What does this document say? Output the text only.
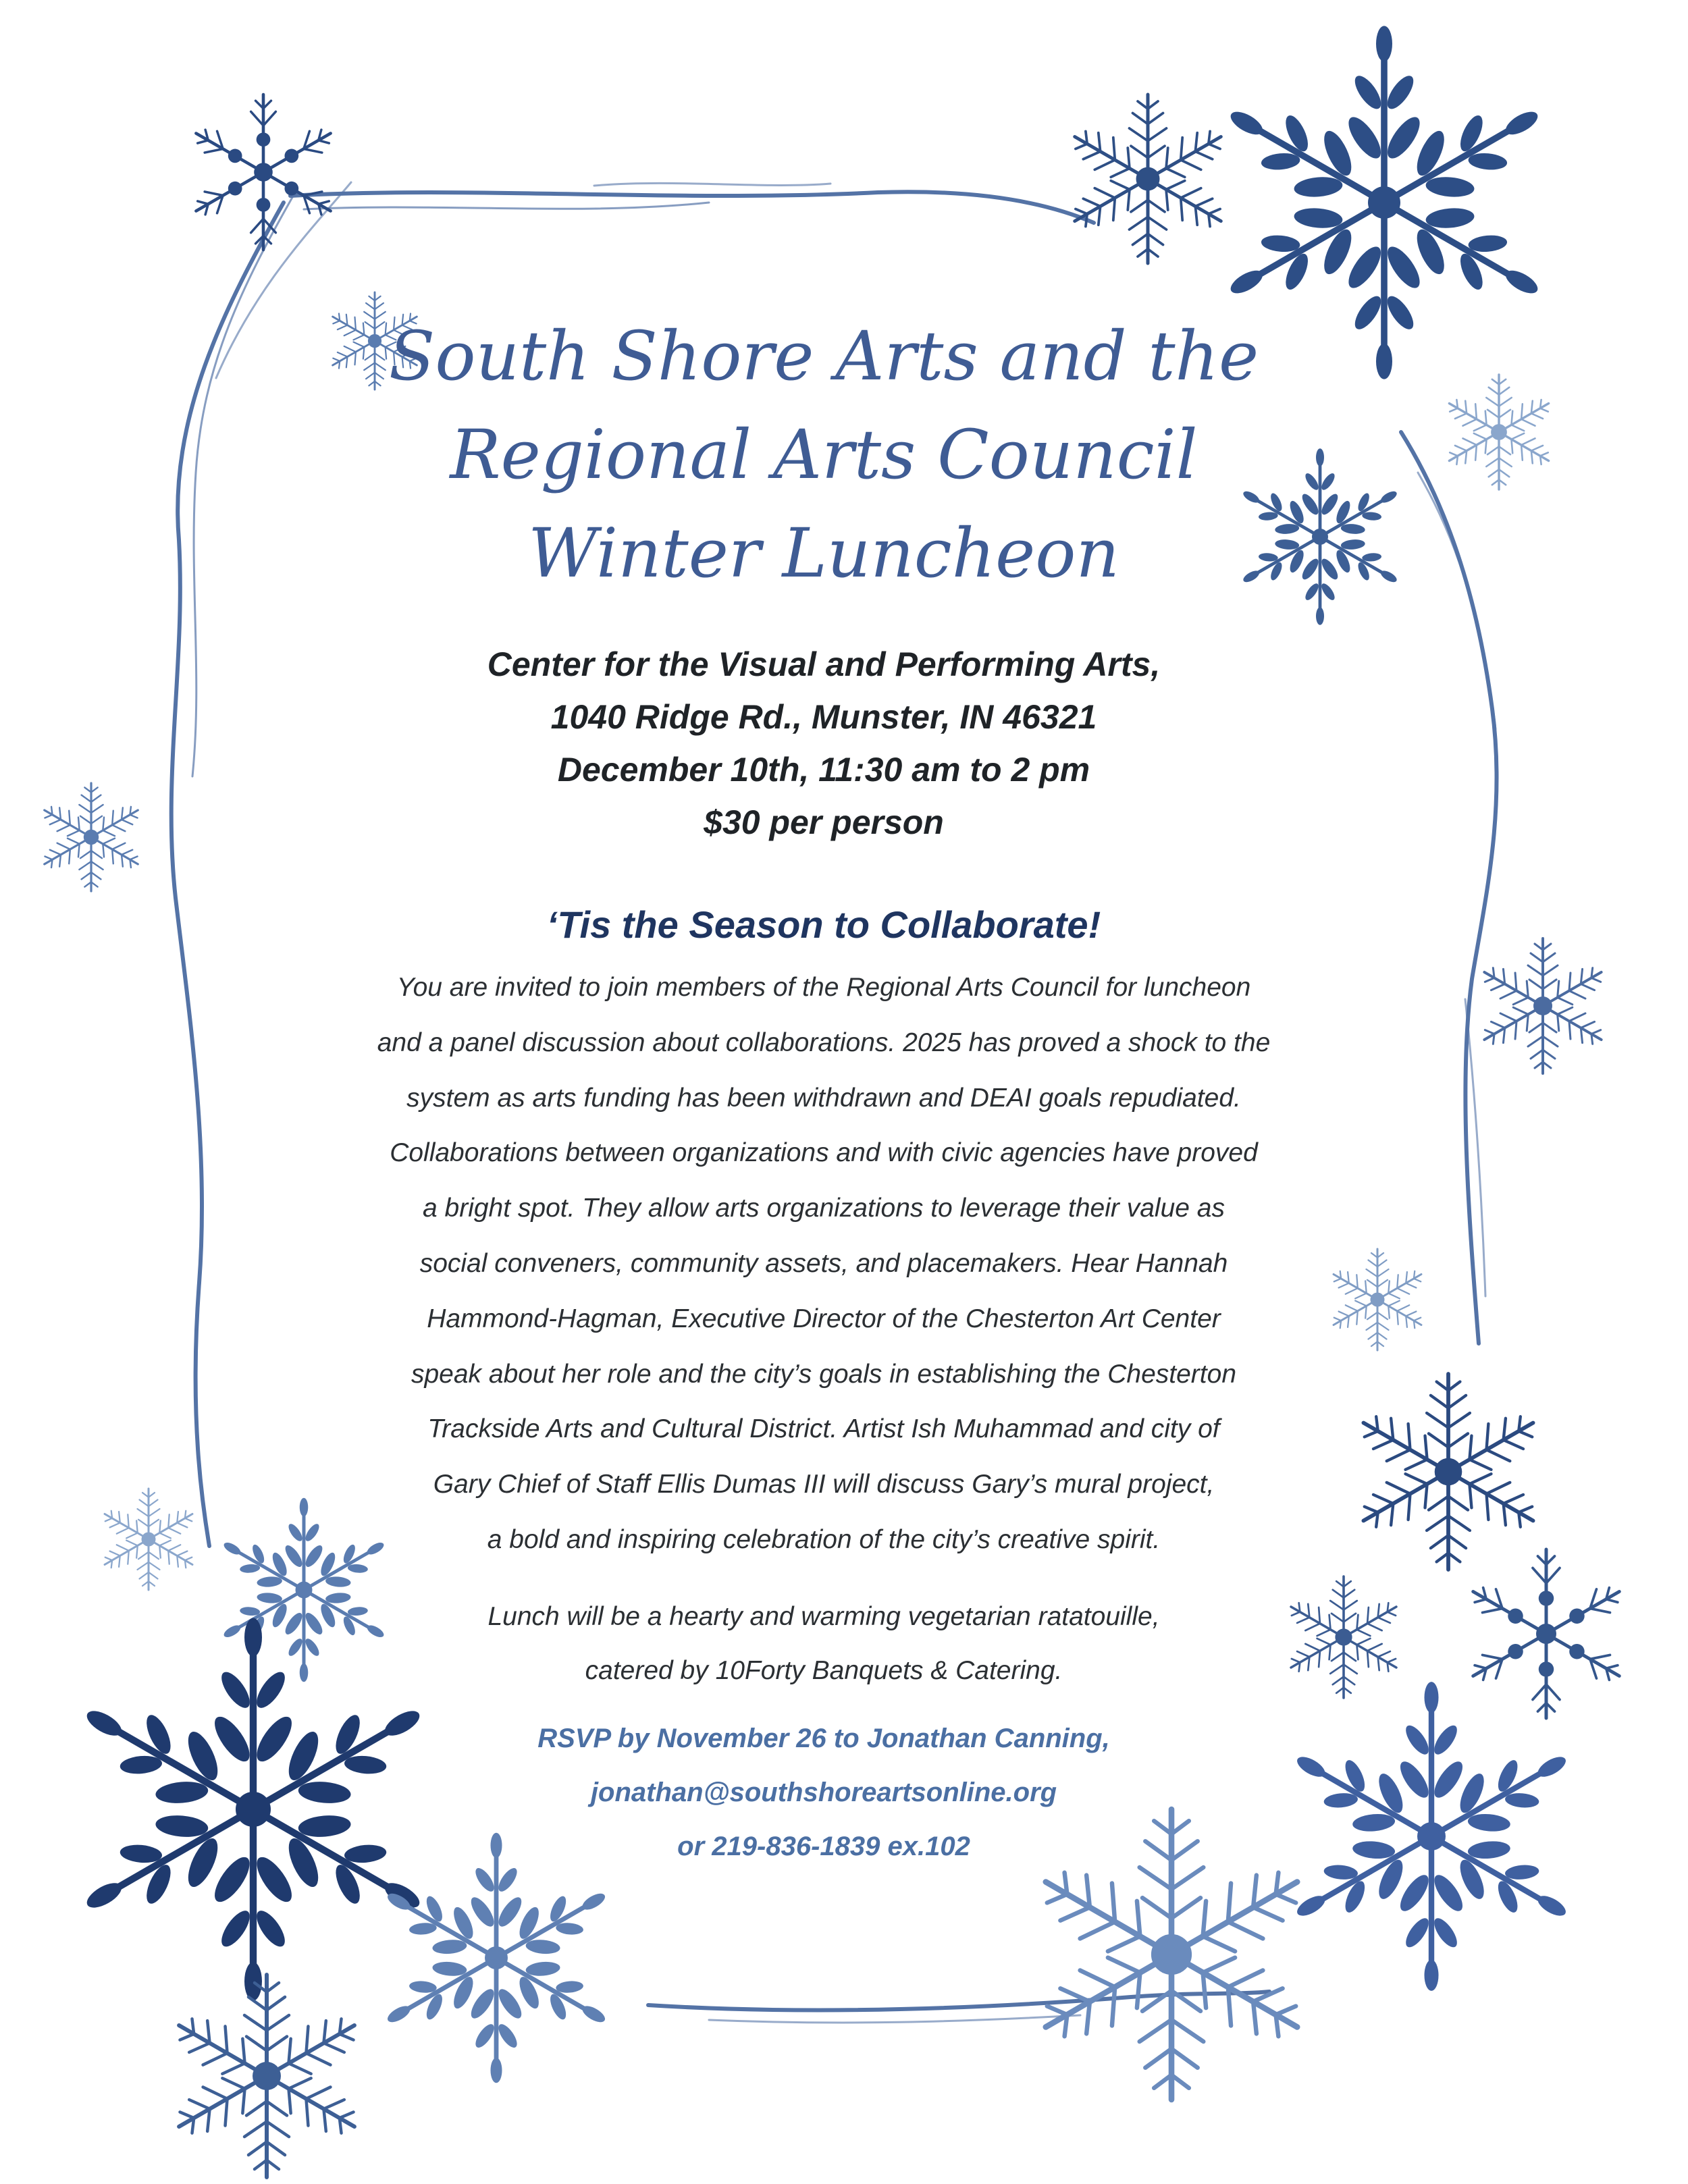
South Shore Arts and the
Regional Arts Council
Winter Luncheon
Center for the Visual and Performing Arts,
1040 Ridge Rd., Munster, IN 46321
December 10th, 11:30 am to 2 pm
$30 per person
‘Tis the Season to Collaborate!
You are invited to join members of the Regional Arts Council for luncheon
and a panel discussion about collaborations. 2025 has proved a shock to the
system as arts funding has been withdrawn and DEAI goals repudiated.
Collaborations between organizations and with civic agencies have proved
a bright spot. They allow arts organizations to leverage their value as
social conveners, community assets, and placemakers. Hear Hannah
Hammond-Hagman, Executive Director of the Chesterton Art Center
speak about her role and the city’s goals in establishing the Chesterton
Trackside Arts and Cultural District. Artist Ish Muhammad and city of
Gary Chief of Staff Ellis Dumas III will discuss Gary’s mural project,
a bold and inspiring celebration of the city’s creative spirit.
Lunch will be a hearty and warming vegetarian ratatouille,
catered by 10Forty Banquets & Catering.
RSVP by November 26 to Jonathan Canning,
jonathan@southshoreartsonline.org
or 219-836-1839 ex.102
